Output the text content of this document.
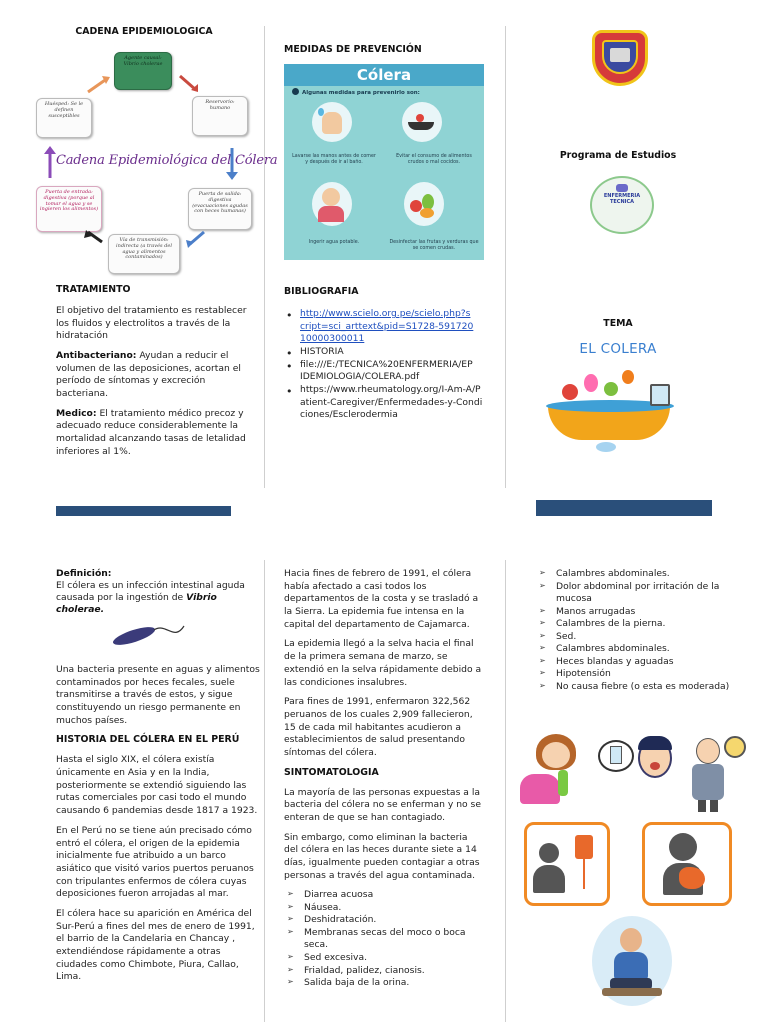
CADENA EPIDEMIOLOGICA
Agente causal: Vibrio cholerae
Reservorio: humano
Puerta de salida: digestiva (evacuaciones agudas con heces humanas)
Vía de transmisión: indirecta (a través del agua y alimentos contaminados)
Puerta de entrada: digestiva (porque al tomar el agua y se ingieren los alimentos)
Huésped: Se le definen susceptibles
Cadena Epidemiológica del Cólera
TRATAMIENTO

El objetivo del tratamiento es restablecer los fluidos y electrolitos a través de la hidratación

Antibacteriano: Ayudan a reducir el volumen de las deposiciones, acortan el período de síntomas y excreción bacteriana.

Medico: El tratamiento médico precoz y adecuado reduce considerablemente la mortalidad alcanzando tasas de letalidad inferiores al 1%.

MEDIDAS DE PREVENCIÓN
Cólera
Algunas medidas para prevenirlo son:
Lavarse las manos antes de comer y después de ir al baño.
Evitar el consumo de alimentos crudos o mal cocidos.
Ingerir agua potable.	Desinfectar las frutas y verduras que se comen crudas.
BIBLIOGRAFIA
• http://www.scielo.org.pe/scielo.php?script=sci_arttext&pid=S1728-59172010000300011
• HISTORIA
• file:///E:/TECNICA%20ENFERMERIA/EPIDEMIOLOGIA/COLERA.pdf
• https://www.rheumatology.org/I-Am-A/Patient-Caregiver/Enfermedades-y-Condiciones/Esclerodermia
Programa de Estudios
ENFERMERIA TECNICA
TEMA
EL COLERA
Definición:
El cólera es un infección intestinal aguda causada por la ingestión de Vibrio cholerae.

Una bacteria presente en aguas y alimentos contaminados por heces fecales, suele transmitirse a través de estos, y sigue constituyendo un riesgo permanente en muchos países.

HISTORIA DEL CÓLERA EN EL PERÚ

Hasta el siglo XIX, el cólera existía únicamente en Asia y en la India, posteriormente se extendió siguiendo las rutas comerciales por casi todo el mundo causando 6 pandemias desde 1817 a 1923.

En el Perú no se tiene aún precisado cómo entró el cólera, el origen de la epidemia inicialmente fue atribuido a un barco asiático que visitó varios puertos peruanos con tripulantes enfermos de cólera cuyas deposiciones fueron arrojadas al mar.

El cólera hace su aparición en América del Sur-Perú a fines del mes de enero de 1991, el barrio de la Candelaria en Chancay , extendiéndose rápidamente a otras ciudades como Chimbote, Piura, Callao, Lima.

Hacia fines de febrero de 1991, el cólera había afectado a casi todos los departamentos de la costa y se trasladó a la Sierra. La epidemia fue intensa en la capital del departamento de Cajamarca.

La epidemia llegó a la selva hacia el final de la primera semana de marzo, se extendió en la selva rápidamente debido a las condiciones insalubres.

Para fines de 1991, enfermaron 322,562 peruanos de los cuales 2,909 fallecieron, 15 de cada mil habitantes acudieron a establecimientos de salud presentando síntomas del cólera.

SINTOMATOLOGIA

La mayoría de las personas expuestas a la bacteria del cólera no se enferman y no se enteran de que se han contagiado.

Sin embargo, como eliminan la bacteria del cólera en las heces durante siete a 14 días, igualmente pueden contagiar a otras personas a través del agua contaminada.

➢ Diarrea acuosa
➢ Náusea.
➢ Deshidratación.
➢ Membranas secas del moco o boca seca.
➢ Sed excesiva.
➢ Frialdad, palidez, cianosis.
➢ Salida baja de la orina.
➢ Calambres abdominales.
➢ Dolor abdominal por irritación de la mucosa
➢ Manos arrugadas
➢ Calambres de la pierna.
➢ Sed.
➢ Calambres abdominales.
➢ Heces blandas y aguadas
➢ Hipotensión
➢ No causa fiebre (o esta es moderada)
